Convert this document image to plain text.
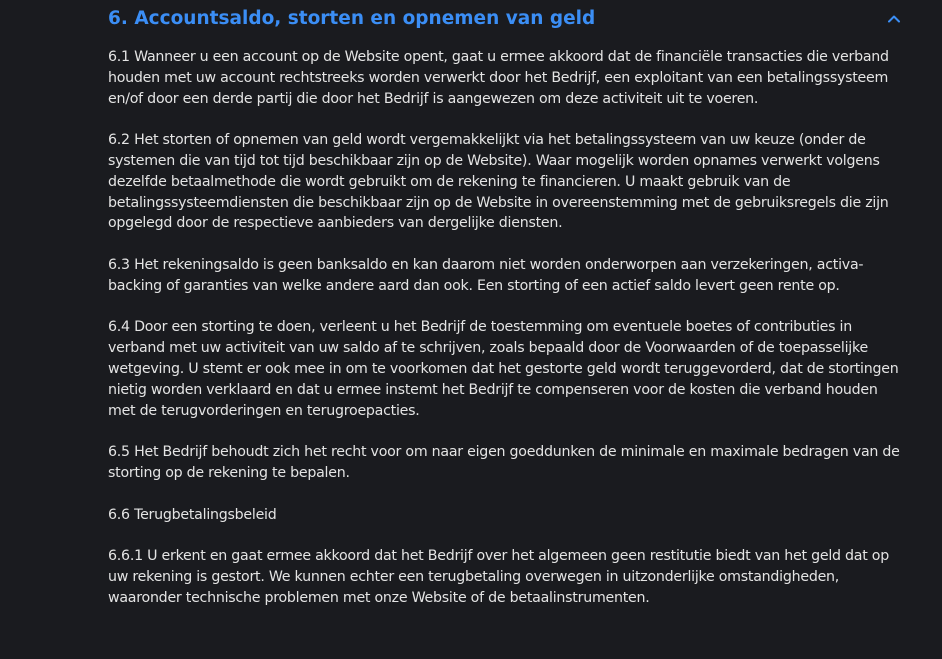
6. Accountsaldo, storten en opnemen van geld

6.1 Wanneer u een account op de Website opent, gaat u ermee akkoord dat de financiële transacties die verband houden met uw account rechtstreeks worden verwerkt door het Bedrijf, een exploitant van een betalingssysteem en/of door een derde partij die door het Bedrijf is aangewezen om deze activiteit uit te voeren.

6.2 Het storten of opnemen van geld wordt vergemakkelijkt via het betalingssysteem van uw keuze (onder de systemen die van tijd tot tijd beschikbaar zijn op de Website). Waar mogelijk worden opnames verwerkt volgens dezelfde betaalmethode die wordt gebruikt om de rekening te financieren. U maakt gebruik van de betalingssysteemdiensten die beschikbaar zijn op de Website in overeenstemming met de gebruiksregels die zijn opgelegd door de respectieve aanbieders van dergelijke diensten.

6.3 Het rekeningsaldo is geen banksaldo en kan daarom niet worden onderworpen aan verzekeringen, activa-backing of garanties van welke andere aard dan ook. Een storting of een actief saldo levert geen rente op.

6.4 Door een storting te doen, verleent u het Bedrijf de toestemming om eventuele boetes of contributies in verband met uw activiteit van uw saldo af te schrijven, zoals bepaald door de Voorwaarden of de toepasselijke wetgeving. U stemt er ook mee in om te voorkomen dat het gestorte geld wordt teruggevorderd, dat de stortingen nietig worden verklaard en dat u ermee instemt het Bedrijf te compenseren voor de kosten die verband houden met de terugvorderingen en terugroepacties.

6.5 Het Bedrijf behoudt zich het recht voor om naar eigen goeddunken de minimale en maximale bedragen van de storting op de rekening te bepalen.

6.6 Terugbetalingsbeleid

6.6.1 U erkent en gaat ermee akkoord dat het Bedrijf over het algemeen geen restitutie biedt van het geld dat op uw rekening is gestort. We kunnen echter een terugbetaling overwegen in uitzonderlijke omstandigheden, waaronder technische problemen met onze Website of de betaalinstrumenten.
